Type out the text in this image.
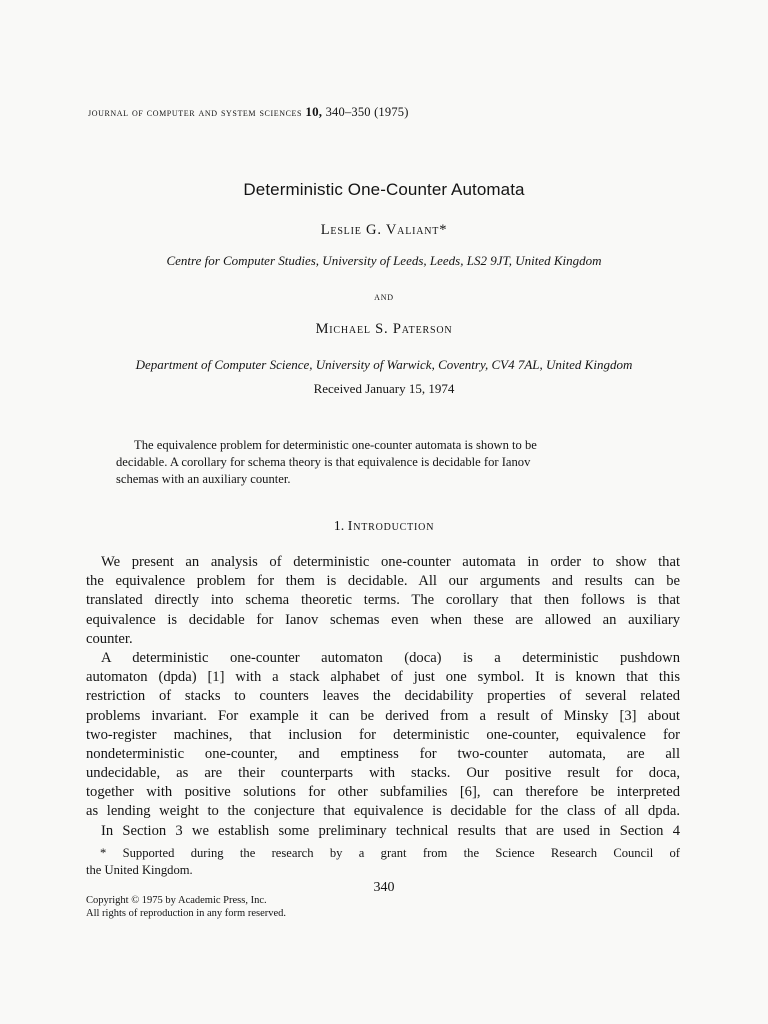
journal of computer and system sciences 10, 340–350 (1975)
Deterministic One-Counter Automata
Leslie G. Valiant*
Centre for Computer Studies, University of Leeds, Leeds, LS2 9JT, United Kingdom
and
Michael S. Paterson
Department of Computer Science, University of Warwick, Coventry, CV4 7AL, United Kingdom
Received January 15, 1974
The equivalence problem for deterministic one-counter automata is shown to be
decidable. A corollary for schema theory is that equivalence is decidable for Ianov
schemas with an auxiliary counter.
1. Introduction
We present an analysis of deterministic one-counter automata in order to show that
the equivalence problem for them is decidable. All our arguments and results can be
translated directly into schema theoretic terms. The corollary that then follows is that
equivalence is decidable for Ianov schemas even when these are allowed an auxiliary
counter.
A deterministic one-counter automaton (doca) is a deterministic pushdown
automaton (dpda) [1] with a stack alphabet of just one symbol. It is known that this
restriction of stacks to counters leaves the decidability properties of several related
problems invariant. For example it can be derived from a result of Minsky [3] about
two-register machines, that inclusion for deterministic one-counter, equivalence for
nondeterministic one-counter, and emptiness for two-counter automata, are all
undecidable, as are their counterparts with stacks. Our positive result for doca,
together with positive solutions for other subfamilies [6], can therefore be interpreted
as lending weight to the conjecture that equivalence is decidable for the class of all dpda.
In Section 3 we establish some preliminary technical results that are used in Section 4
* Supported during the research by a grant from the Science Research Council of
the United Kingdom.
340
Copyright © 1975 by Academic Press, Inc.
All rights of reproduction in any form reserved.
